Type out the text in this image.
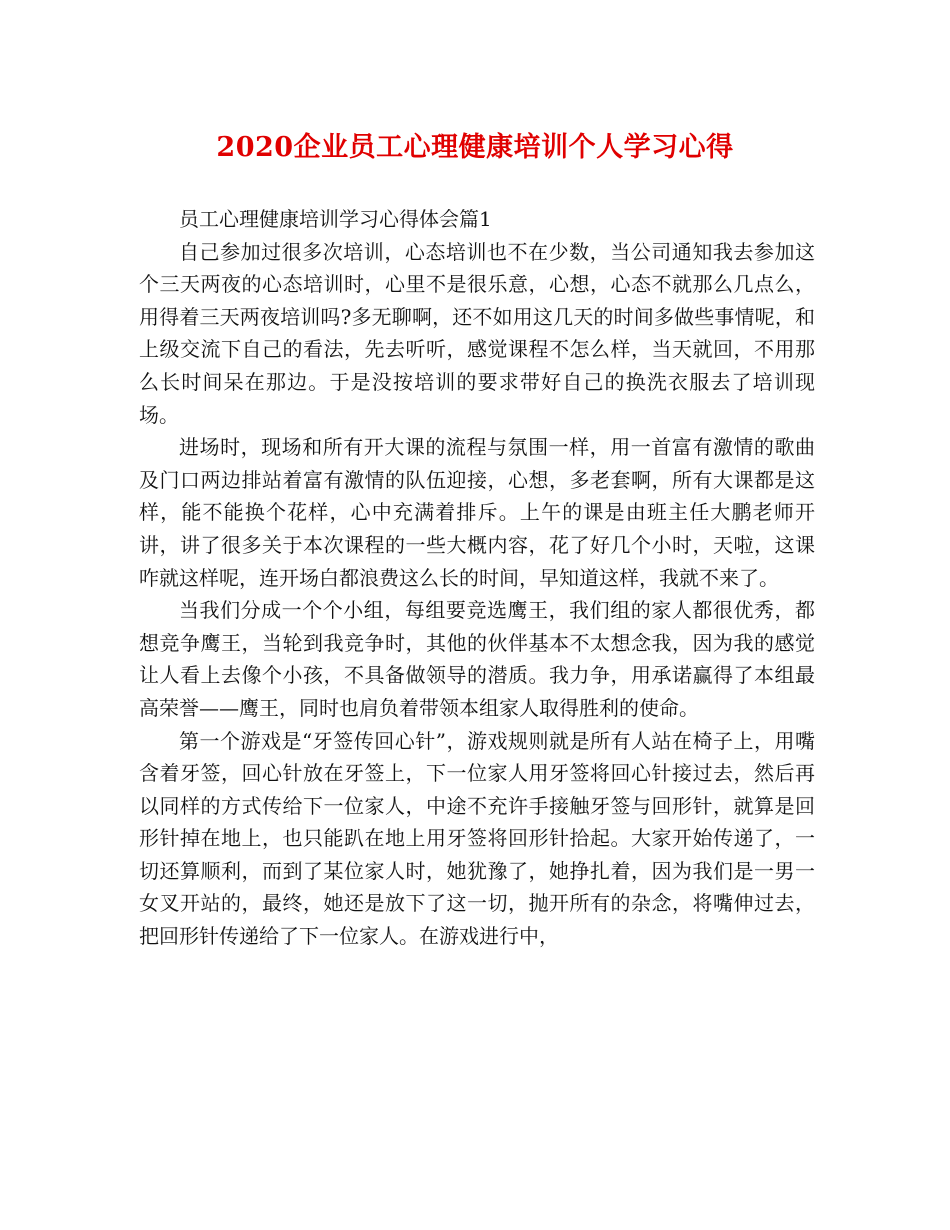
2020企业员工心理健康培训个人学习心得

员工心理健康培训学习心得体会篇1

自己参加过很多次培训，心态培训也不在少数，当公司通知我去参加这个三天两夜的心态培训时，心里不是很乐意，心想，心态不就那么几点么，用得着三天两夜培训吗?多无聊啊，还不如用这几天的时间多做些事情呢，和上级交流下自己的看法，先去听听，感觉课程不怎么样，当天就回，不用那么长时间呆在那边。于是没按培训的要求带好自己的换洗衣服去了培训现场。

进场时，现场和所有开大课的流程与氛围一样，用一首富有激情的歌曲及门口两边排站着富有激情的队伍迎接，心想，多老套啊，所有大课都是这样，能不能换个花样，心中充满着排斥。上午的课是由班主任大鹏老师开讲，讲了很多关于本次课程的一些大概内容，花了好几个小时，天啦，这课咋就这样呢，连开场白都浪费这么长的时间，早知道这样，我就不来了。

当我们分成一个个小组，每组要竞选鹰王，我们组的家人都很优秀，都想竞争鹰王，当轮到我竞争时，其他的伙伴基本不太想念我，因为我的感觉让人看上去像个小孩，不具备做领导的潜质。我力争，用承诺赢得了本组最高荣誉——鹰王，同时也肩负着带领本组家人取得胜利的使命。

第一个游戏是“牙签传回心针”，游戏规则就是所有人站在椅子上，用嘴含着牙签，回心针放在牙签上，下一位家人用牙签将回心针接过去，然后再以同样的方式传给下一位家人，中途不充许手接触牙签与回形针，就算是回形针掉在地上，也只能趴在地上用牙签将回形针拾起。大家开始传递了，一切还算顺利，而到了某位家人时，她犹豫了，她挣扎着，因为我们是一男一女叉开站的，最终，她还是放下了这一切，抛开所有的杂念，将嘴伸过去，把回形针传递给了下一位家人。在游戏进行中，
